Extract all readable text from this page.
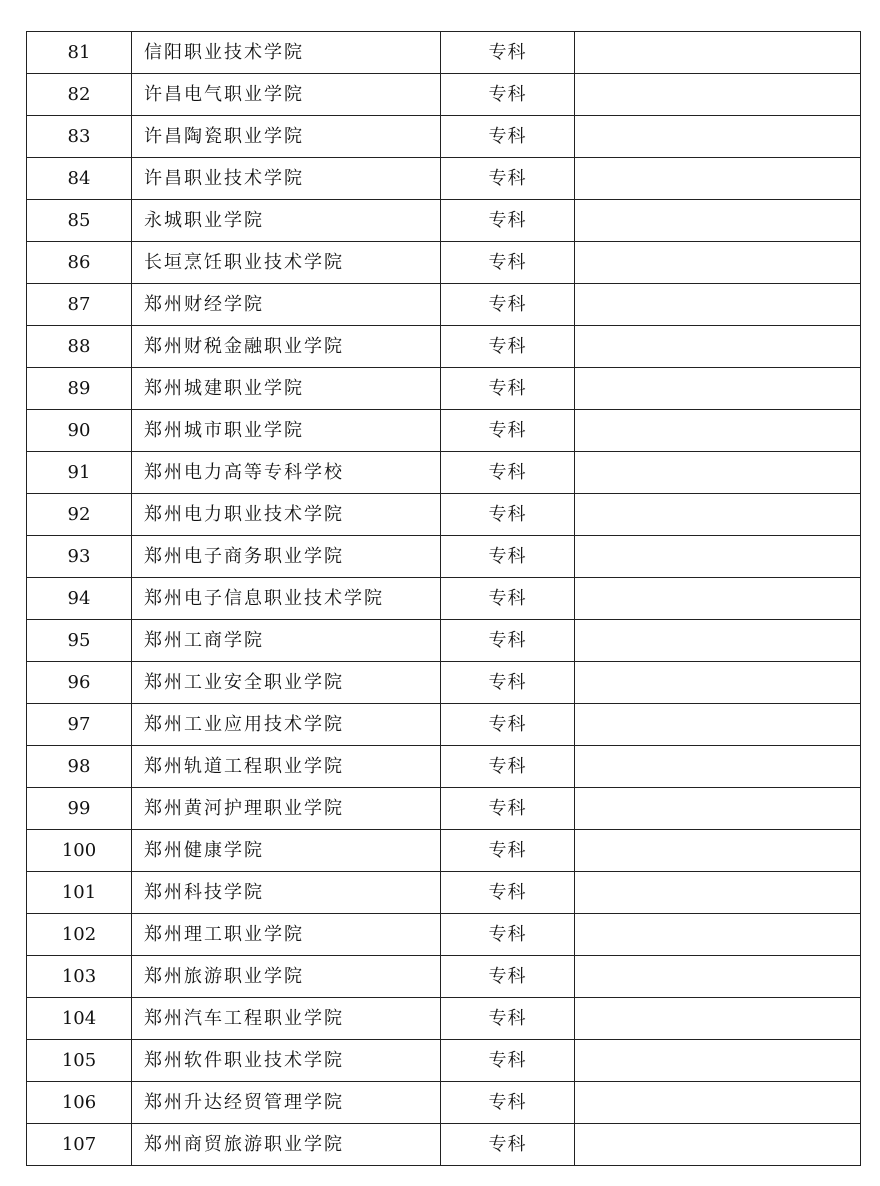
81	信阳职业技术学院	专科	
82	许昌电气职业学院	专科	
83	许昌陶瓷职业学院	专科	
84	许昌职业技术学院	专科	
85	永城职业学院	专科	
86	长垣烹饪职业技术学院	专科	
87	郑州财经学院	专科	
88	郑州财税金融职业学院	专科	
89	郑州城建职业学院	专科	
90	郑州城市职业学院	专科	
91	郑州电力高等专科学校	专科	
92	郑州电力职业技术学院	专科	
93	郑州电子商务职业学院	专科	
94	郑州电子信息职业技术学院	专科	
95	郑州工商学院	专科	
96	郑州工业安全职业学院	专科	
97	郑州工业应用技术学院	专科	
98	郑州轨道工程职业学院	专科	
99	郑州黄河护理职业学院	专科	
100	郑州健康学院	专科	
101	郑州科技学院	专科	
102	郑州理工职业学院	专科	
103	郑州旅游职业学院	专科	
104	郑州汽车工程职业学院	专科	
105	郑州软件职业技术学院	专科	
106	郑州升达经贸管理学院	专科	
107	郑州商贸旅游职业学院	专科	
